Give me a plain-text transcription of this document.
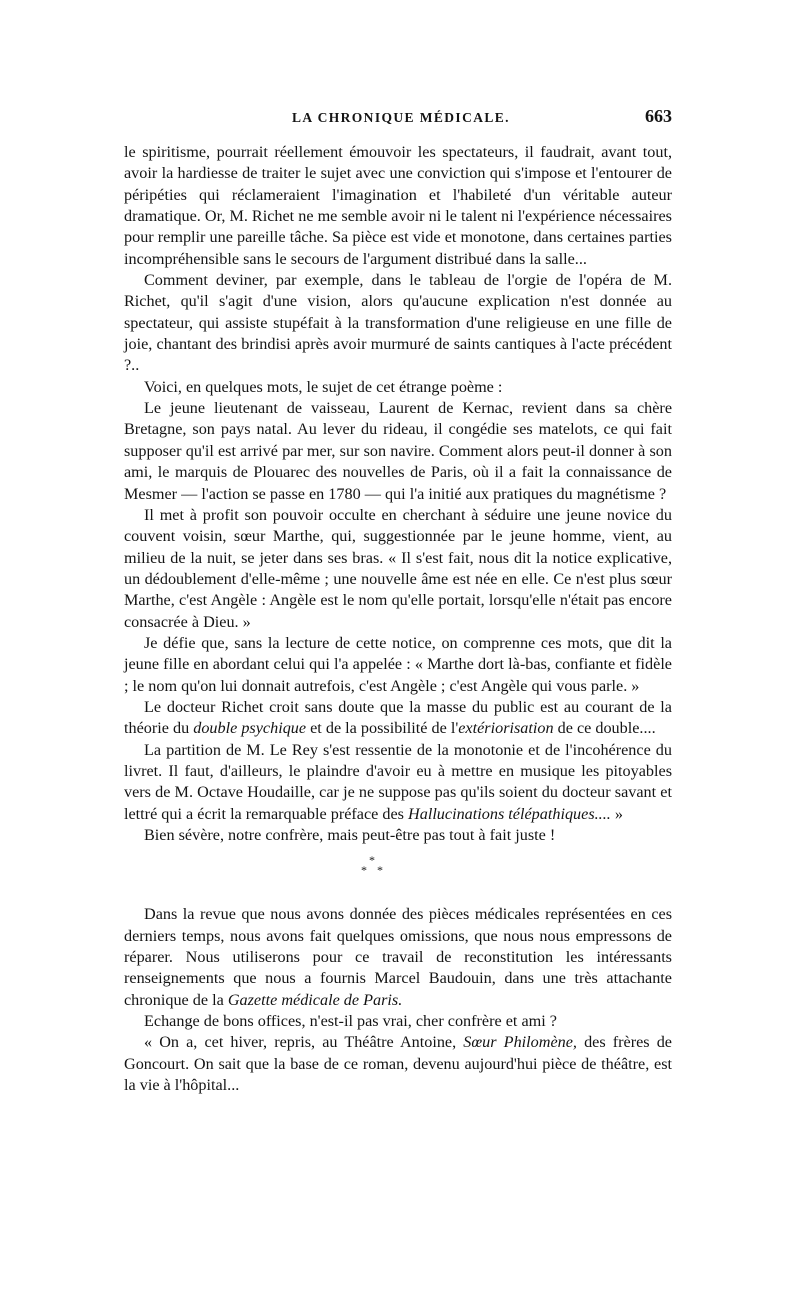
LA CHRONIQUE MÉDICALE.	663

le spiritisme, pourrait réellement émouvoir les spectateurs, il faudrait, avant tout, avoir la hardiesse de traiter le sujet avec une conviction qui s'impose et l'entourer de péripéties qui réclameraient l'imagination et l'habileté d'un véritable auteur dramatique. Or, M. Richet ne me semble avoir ni le talent ni l'expérience nécessaires pour remplir une pareille tâche. Sa pièce est vide et monotone, dans certaines parties incompréhensible sans le secours de l'argument distribué dans la salle...

Comment deviner, par exemple, dans le tableau de l'orgie de l'opéra de M. Richet, qu'il s'agit d'une vision, alors qu'aucune explication n'est donnée au spectateur, qui assiste stupéfait à la transformation d'une religieuse en une fille de joie, chantant des brindisi après avoir murmuré de saints cantiques à l'acte précédent ?..

Voici, en quelques mots, le sujet de cet étrange poème :

Le jeune lieutenant de vaisseau, Laurent de Kernac, revient dans sa chère Bretagne, son pays natal. Au lever du rideau, il congédie ses matelots, ce qui fait supposer qu'il est arrivé par mer, sur son navire. Comment alors peut-il donner à son ami, le marquis de Plouarec des nouvelles de Paris, où il a fait la connaissance de Mesmer — l'action se passe en 1780 — qui l'a initié aux pratiques du magnétisme ?

Il met à profit son pouvoir occulte en cherchant à séduire une jeune novice du couvent voisin, sœur Marthe, qui, suggestionnée par le jeune homme, vient, au milieu de la nuit, se jeter dans ses bras. « Il s'est fait, nous dit la notice explicative, un dédoublement d'elle-même ; une nouvelle âme est née en elle. Ce n'est plus sœur Marthe, c'est Angèle : Angèle est le nom qu'elle portait, lorsqu'elle n'était pas encore consacrée à Dieu. »

Je défie que, sans la lecture de cette notice, on comprenne ces mots, que dit la jeune fille en abordant celui qui l'a appelée : « Marthe dort là-bas, confiante et fidèle ; le nom qu'on lui donnait autrefois, c'est Angèle ; c'est Angèle qui vous parle. »

Le docteur Richet croit sans doute que la masse du public est au courant de la théorie du double psychique et de la possibilité de l'extériorisation de ce double....

La partition de M. Le Rey s'est ressentie de la monotonie et de l'incohérence du livret. Il faut, d'ailleurs, le plaindre d'avoir eu à mettre en musique les pitoyables vers de M. Octave Houdaille, car je ne suppose pas qu'ils soient du docteur savant et lettré qui a écrit la remarquable préface des Hallucinations télépathiques.... »

Bien sévère, notre confrère, mais peut-être pas tout à fait juste !

*
* *

Dans la revue que nous avons donnée des pièces médicales représentées en ces derniers temps, nous avons fait quelques omissions, que nous nous empressons de réparer. Nous utiliserons pour ce travail de reconstitution les intéressants renseignements que nous a fournis Marcel Baudouin, dans une très attachante chronique de la Gazette médicale de Paris.

Echange de bons offices, n'est-il pas vrai, cher confrère et ami ?

« On a, cet hiver, repris, au Théâtre Antoine, Sœur Philomène, des frères de Goncourt. On sait que la base de ce roman, devenu aujourd'hui pièce de théâtre, est la vie à l'hôpital...
